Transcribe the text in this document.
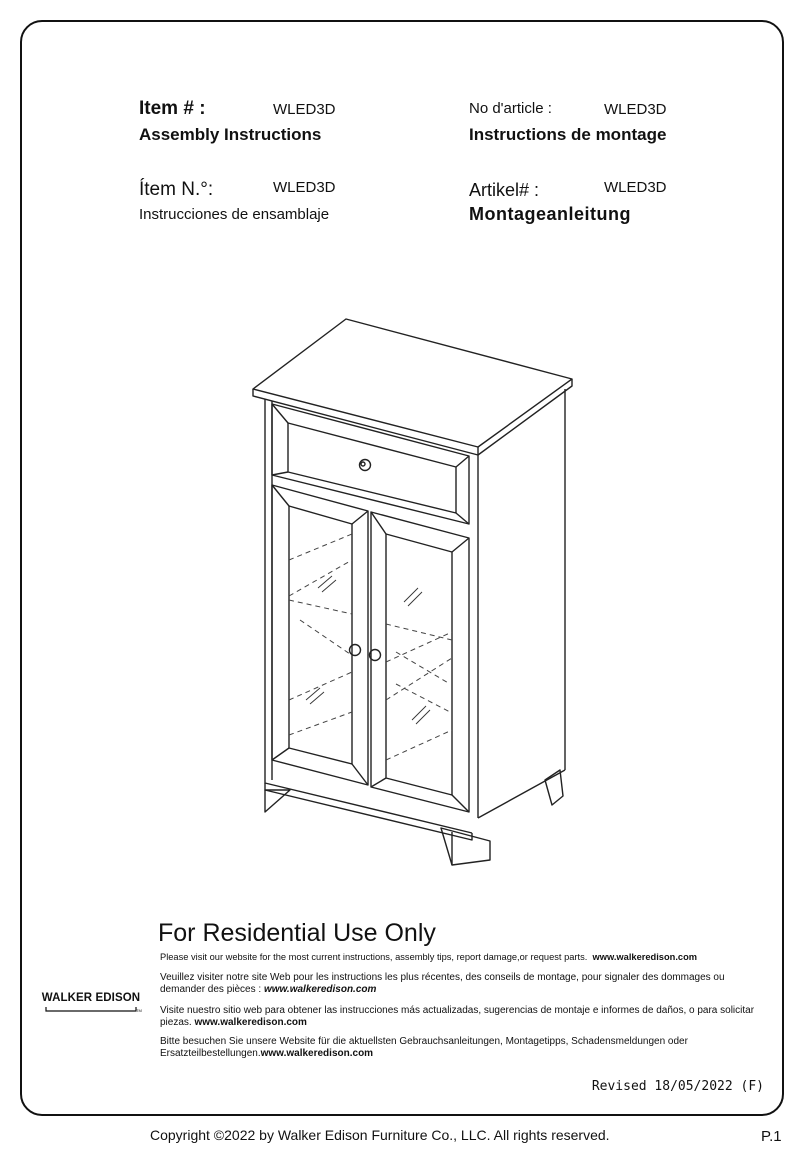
Item # :	WLED3D
Assembly Instructions
No d'article :	WLED3D
Instructions de montage
Ítem N.°:	WLED3D
Instrucciones de ensamblaje
Artikel# :	WLED3D
Montageanleitung
For Residential Use Only
Please visit our website for the most current instructions, assembly tips, report damage,or request parts. www.walkeredison.com
Veuillez visiter notre site Web pour les instructions les plus récentes, des conseils de montage, pour signaler des dommages ou demander des pièces : www.walkeredison.com
Visite nuestro sitio web para obtener las instrucciones más actualizadas, sugerencias de montaje e informes de daños, o para solicitar piezas. www.walkeredison.com
Bitte besuchen Sie unsere Website für die aktuellsten Gebrauchsanleitungen, Montagetipps, Schadensmeldungen oder Ersatzteilbestellungen.www.walkeredison.com
WALKER EDISON
TM
Revised 18/05/2022 (F)
Copyright ©2022 by Walker Edison Furniture Co., LLC. All rights reserved.	P.1
